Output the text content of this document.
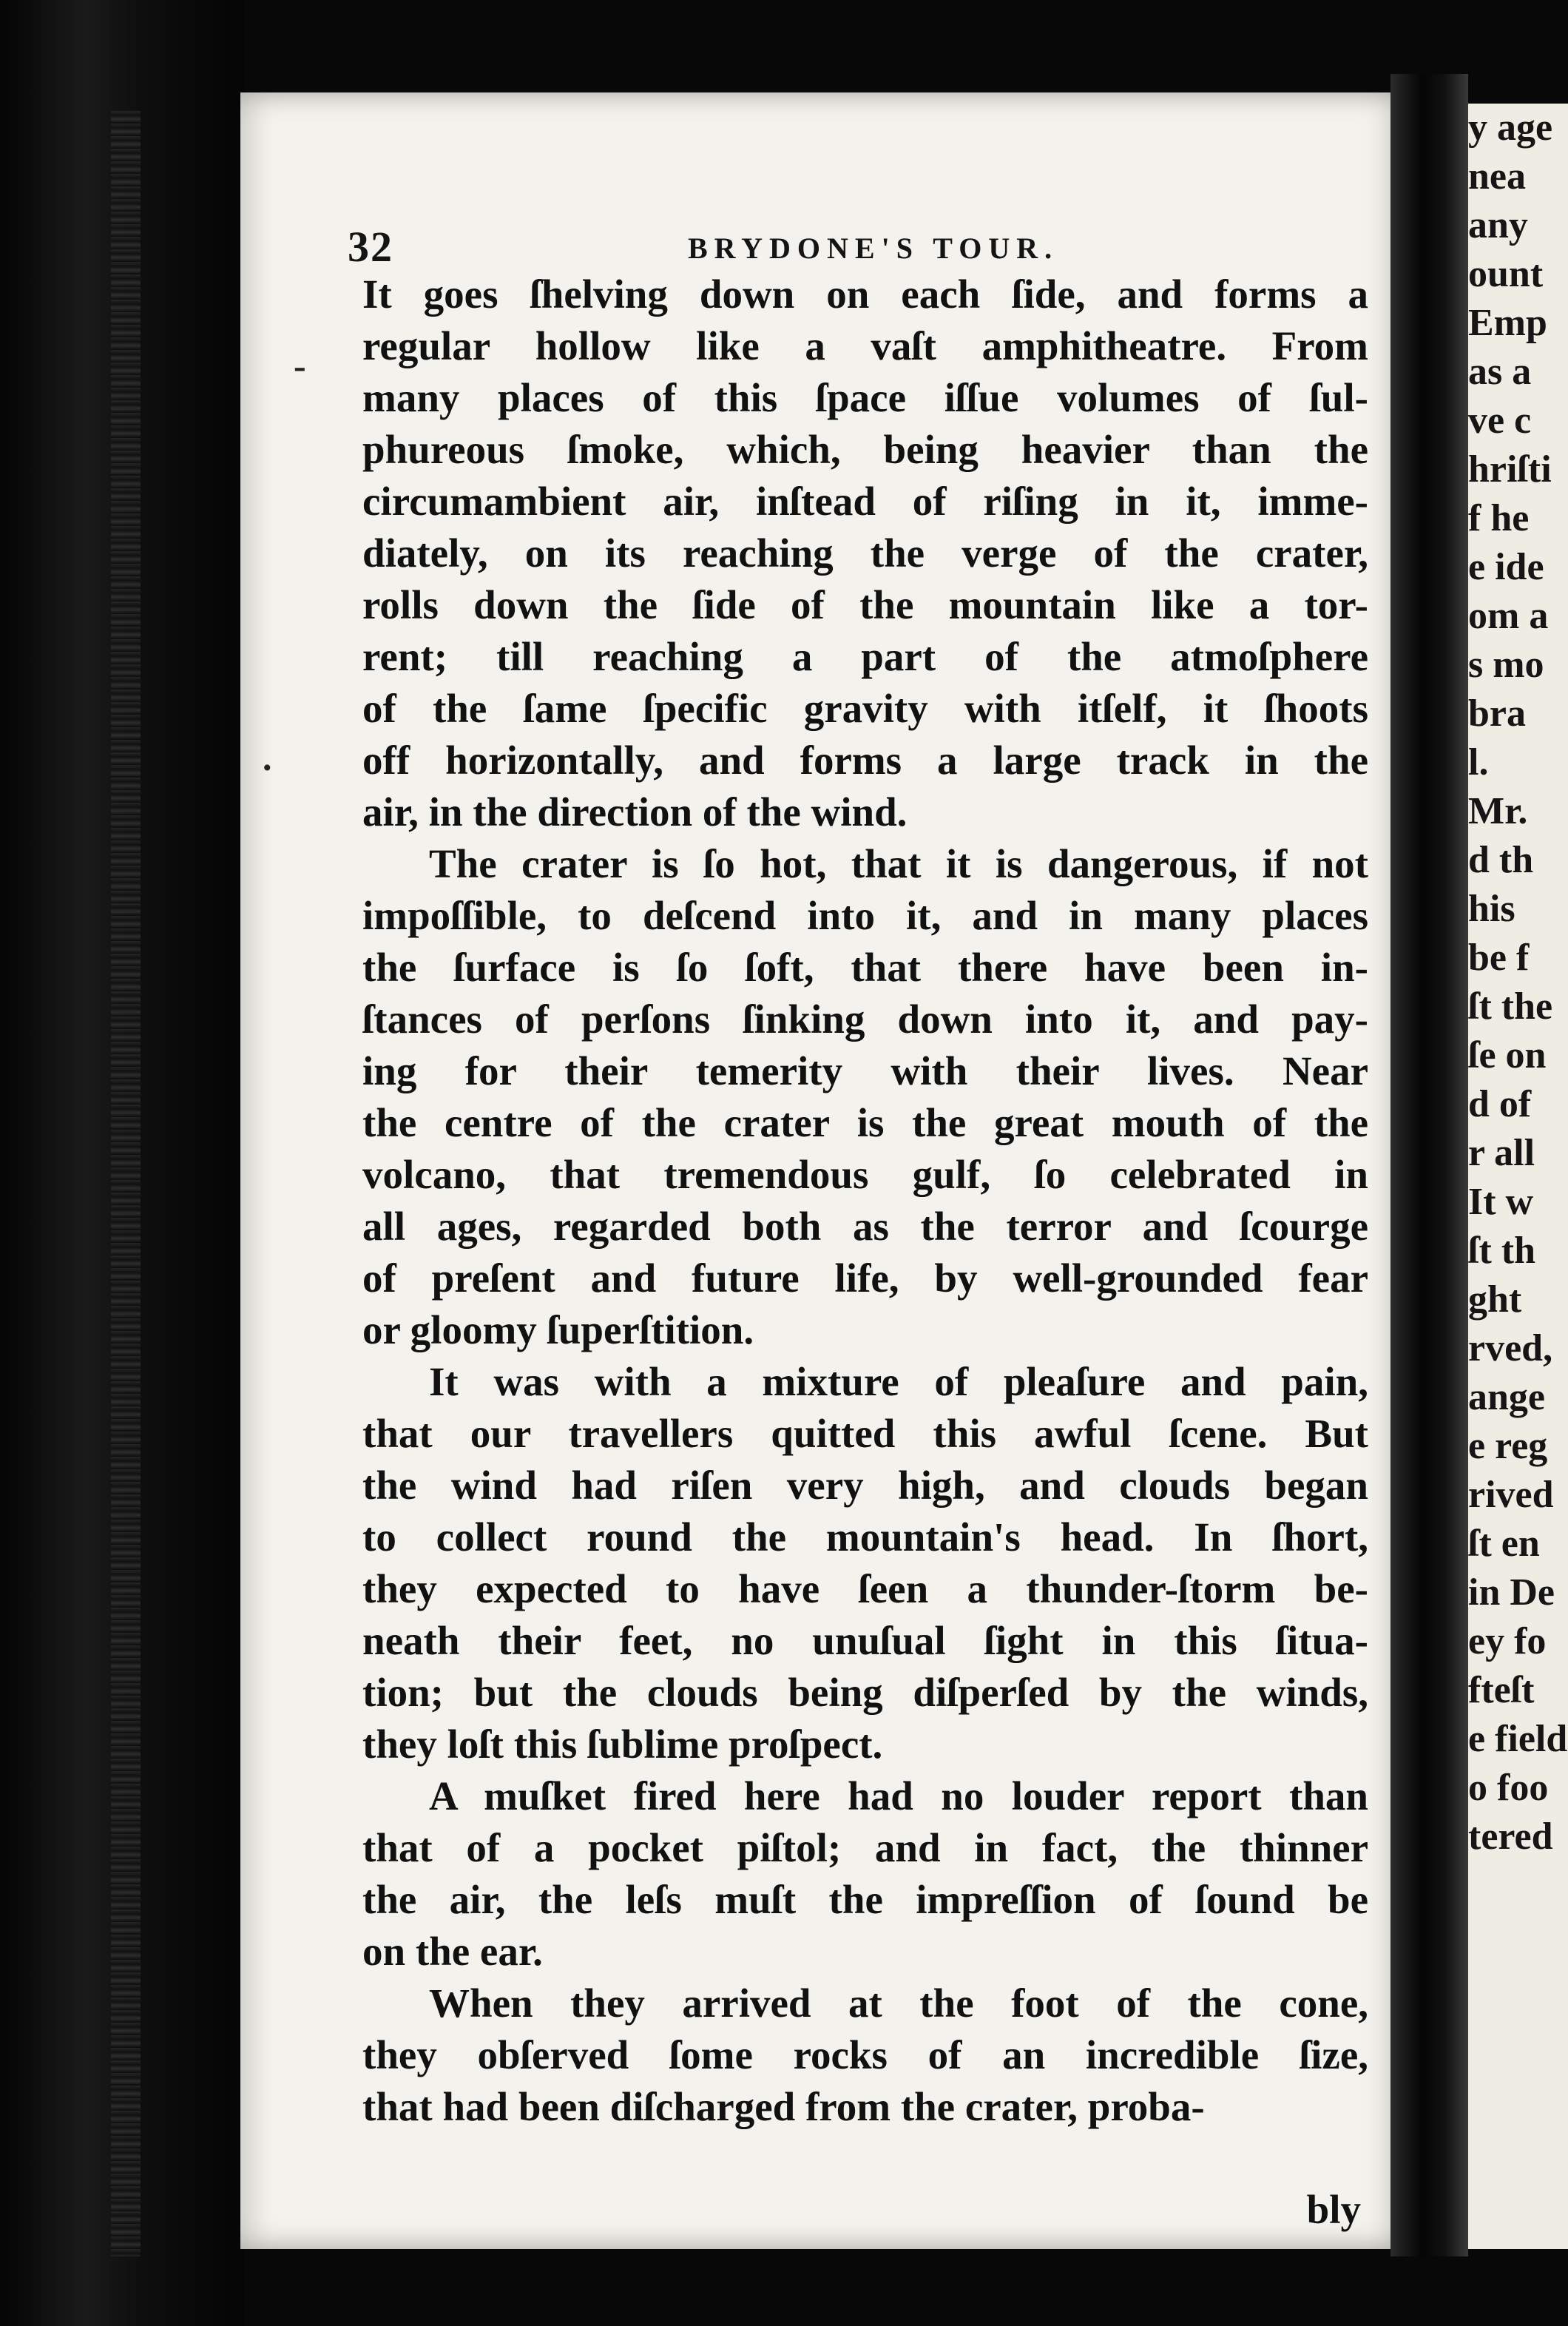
32	BRYDONE'S TOUR.
It goes ſhelving down on each ſide, and forms a
regular hollow like a vaſt amphitheatre. From
many places of this ſpace iſſue volumes of ſul-
phureous ſmoke, which, being heavier than the
circumambient air, inſtead of riſing in it, imme-
diately, on its reaching the verge of the crater,
rolls down the ſide of the mountain like a tor-
rent; till reaching a part of the atmoſphere
of the ſame ſpecific gravity with itſelf, it ſhoots
off horizontally, and forms a large track in the
air, in the direction of the wind.
The crater is ſo hot, that it is dangerous, if not
impoſſible, to deſcend into it, and in many places
the ſurface is ſo ſoft, that there have been in-
ſtances of perſons ſinking down into it, and pay-
ing for their temerity with their lives. Near
the centre of the crater is the great mouth of the
volcano, that tremendous gulf, ſo celebrated in
all ages, regarded both as the terror and ſcourge
of preſent and future life, by well-grounded fear
or gloomy ſuperſtition.
It was with a mixture of pleaſure and pain,
that our travellers quitted this awful ſcene. But
the wind had riſen very high, and clouds began
to collect round the mountain's head. In ſhort,
they expected to have ſeen a thunder-ſtorm be-
neath their feet, no unuſual ſight in this ſitua-
tion; but the clouds being diſperſed by the winds,
they loſt this ſublime proſpect.
A muſket fired here had no louder report than
that of a pocket piſtol; and in fact, the thinner
the air, the leſs muſt the impreſſion of ſound be
on the ear.
When they arrived at the foot of the cone,
they obſerved ſome rocks of an incredible ſize,
that had been diſcharged from the crater, proba-
bly
-
.
y age
nea
any
ount
Emp
as a
ve c
hriſti
f he
e ide
om a
s mo
bra
l.
Mr.
d th
his
be f
ſt the
ſe on
d of
r all
It w
ſt th
ght
rved,
ange
e reg
rived
ſt en
in De
ey fo
fteſt
e field
o foo
tered
